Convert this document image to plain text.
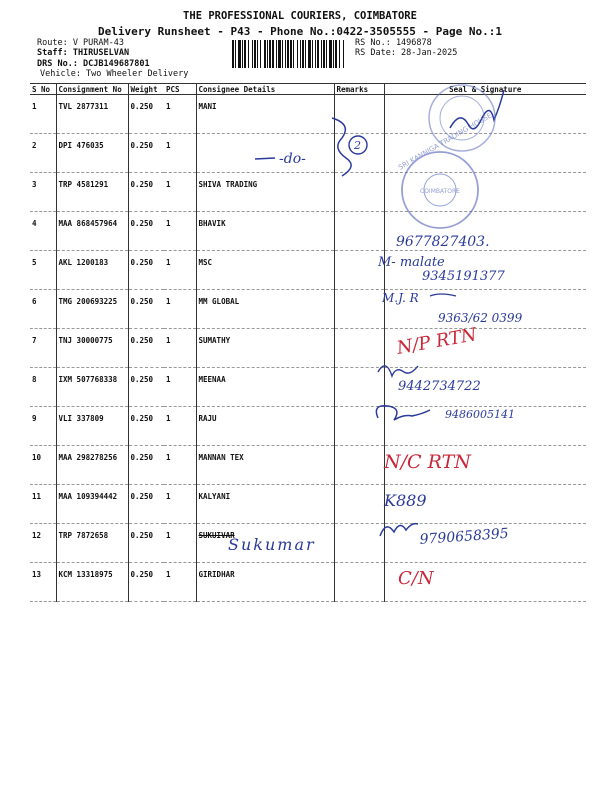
THE PROFESSIONAL COURIERS, COIMBATORE
Delivery Runsheet - P43 - Phone No.:0422-3505555 - Page No.:1
Route: V PURAM-43
Staff: THIRUSELVAN
DRS No.: DCJB149687801
Vehicle: Two Wheeler Delivery
RS No.: 1496878
RS Date: 28-Jan-2025
S No	Consignment No	Weight	PCS	Consignee Details	Remarks	Seal & Signature
1	TVL 2877311	0.250	1	MANI		
2	DPI 476035	0.250	1			
3	TRP 4581291	0.250	1	SHIVA TRADING		
4	MAA 868457964	0.250	1	BHAVIK		
5	AKL 1200183	0.250	1	MSC		
6	TMG 200693225	0.250	1	MM GLOBAL		
7	TNJ 30000775	0.250	1	SUMATHY		
8	IXM 507768338	0.250	1	MEENAA		
9	VLI 337809	0.250	1	RAJU		
10	MAA 298278256	0.250	1	MANNAN TEX		
11	MAA 109394442	0.250	1	KALYANI		
12	TRP 7872658	0.250	1	SUKUIVAR		
13	KCM 13318975	0.250	1	GIRIDHAR		
2
-do-
COIMBATORE
SRI KANNIGA TRADING HOUSE
9677827403.
M- malate
9345191377
M.J. R
9363/62 0399
N/P RTN
9442734722
9486005141
N/C RTN
K889
9790658395
Sukumar
C/N
